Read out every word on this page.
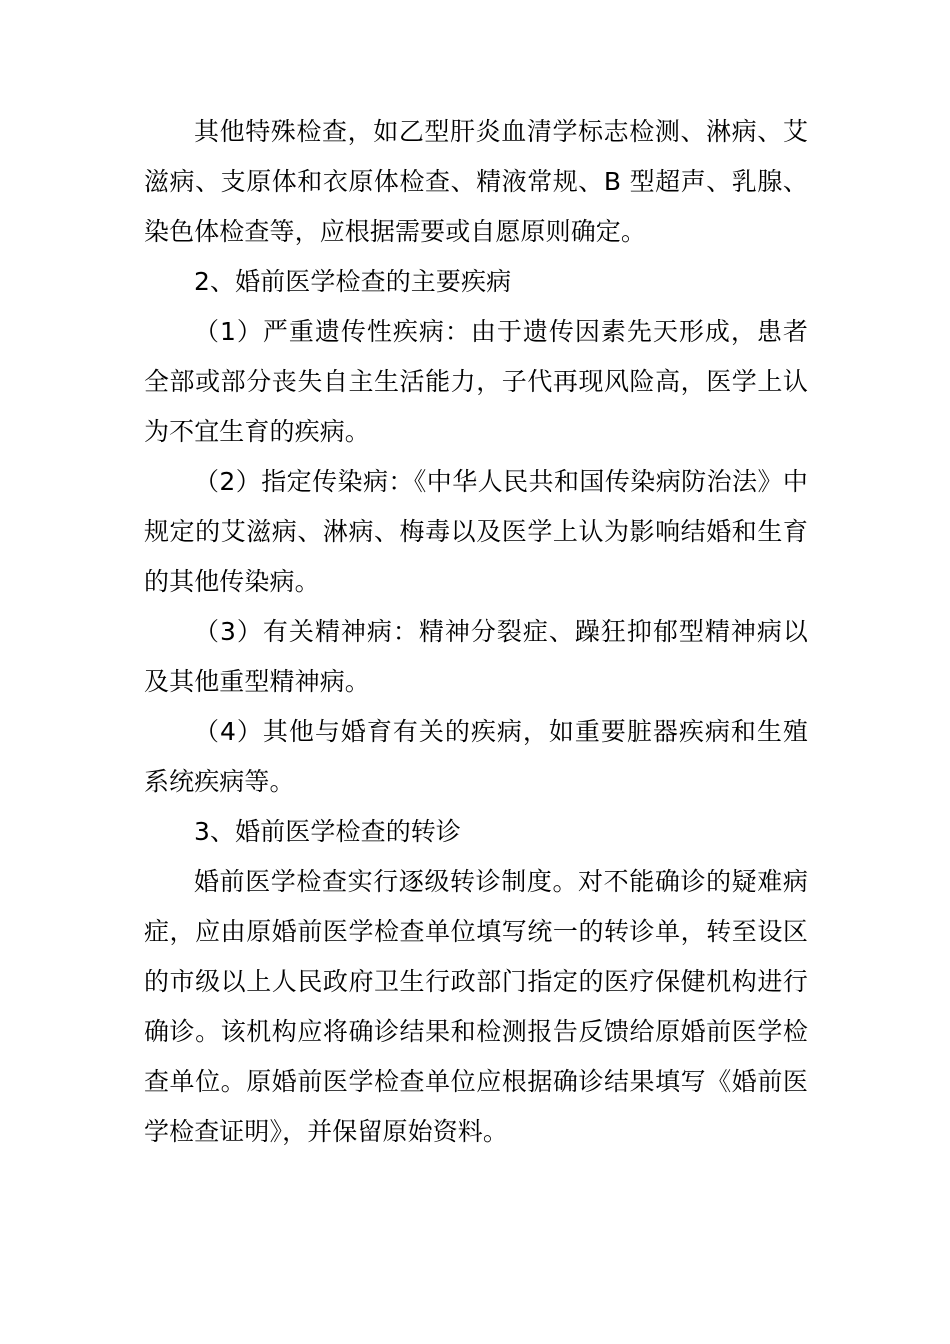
其他特殊检查，如乙型肝炎血清学标志检测、淋病、艾滋病、支原体和衣原体检查、精液常规、B 型超声、乳腺、染色体检查等，应根据需要或自愿原则确定。

2、婚前医学检查的主要疾病

（1）严重遗传性疾病：由于遗传因素先天形成，患者全部或部分丧失自主生活能力，子代再现风险高，医学上认为不宜生育的疾病。

（2）指定传染病：《中华人民共和国传染病防治法》中规定的艾滋病、淋病、梅毒以及医学上认为影响结婚和生育的其他传染病。

（3）有关精神病：精神分裂症、躁狂抑郁型精神病以及其他重型精神病。

（4）其他与婚育有关的疾病，如重要脏器疾病和生殖系统疾病等。

3、婚前医学检查的转诊

婚前医学检查实行逐级转诊制度。对不能确诊的疑难病症，应由原婚前医学检查单位填写统一的转诊单，转至设区的市级以上人民政府卫生行政部门指定的医疗保健机构进行确诊。该机构应将确诊结果和检测报告反馈给原婚前医学检查单位。原婚前医学检查单位应根据确诊结果填写《婚前医学检查证明》，并保留原始资料。
